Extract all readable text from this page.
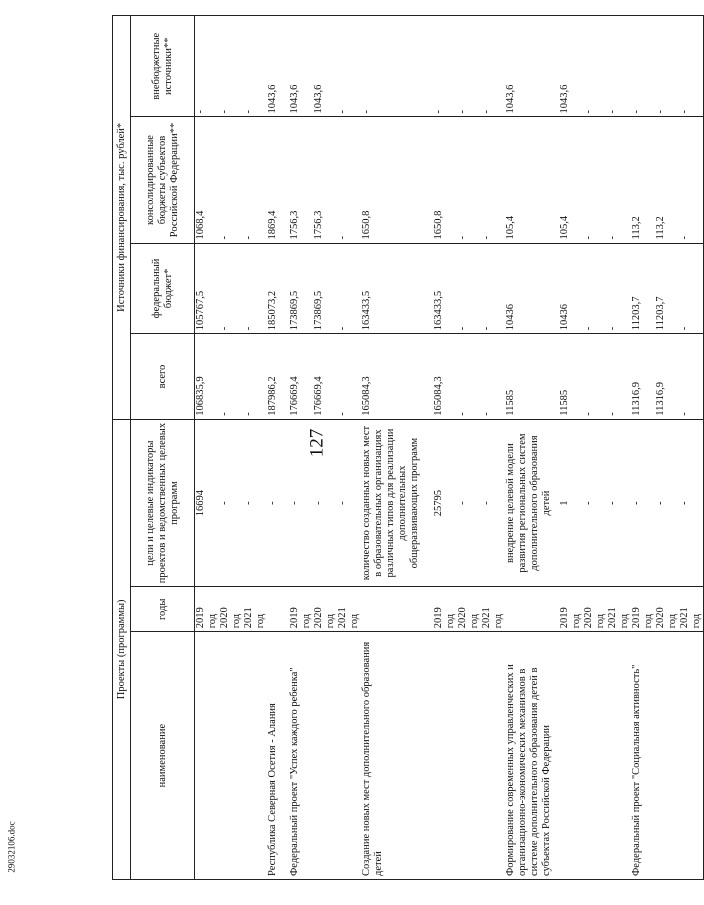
127
29032106.doc
Проекты (программы)			Источники финансирования, тыс. рублей*			
наименование	годы	цели и целевые индикаторы проектов и ведомственных целевых программ	всего	федеральный бюджет*	консолидированные бюджеты субъектов Российской Федерации**	внебюджетные источники**
	2019 год	16694	106835,9	105767,5	1068,4	-
	2020 год	-	-	-	-	-
	2021 год	-	-	-	-	-
Республика Северная Осетия - Алания		-	187986,2	185073,2	1869,4	1043,6
Федеральный проект "Успех каждого ребенка"	2019 год	-	176669,4	173869,5	1756,3	1043,6
	2020 год	-	176669,4	173869,5	1756,3	1043,6
	2021 год	-	-	-	-	-
Создание новых мест дополнительного образования детей		количество созданных новых мест в образовательных организациях различных типов для реализации дополнительных общеразвивающих программ	165084,3	163433,5	1650,8	-
	2019 год	25795	165084,3	163433,5	1650,8	-
	2020 год	-	-	-	-	-
	2021 год	-	-	-	-	-
Формирование современных управленческих и организационно-экономических механизмов в системе дополнительного образования детей в субъектах Российской Федерации		внедрение целевой модели развития региональных систем дополнительного образования детей	11585	10436	105,4	1043,6
	2019 год	1	11585	10436	105,4	1043,6
	2020 год	-	-	-	-	-
	2021 год	-	-	-	-	-
Федеральный проект "Социальная активность"	2019 год	-	11316,9	11203,7	113,2	-
	2020 год	-	11316,9	11203,7	113,2	-
	2021 год	-	-	-	-	-
